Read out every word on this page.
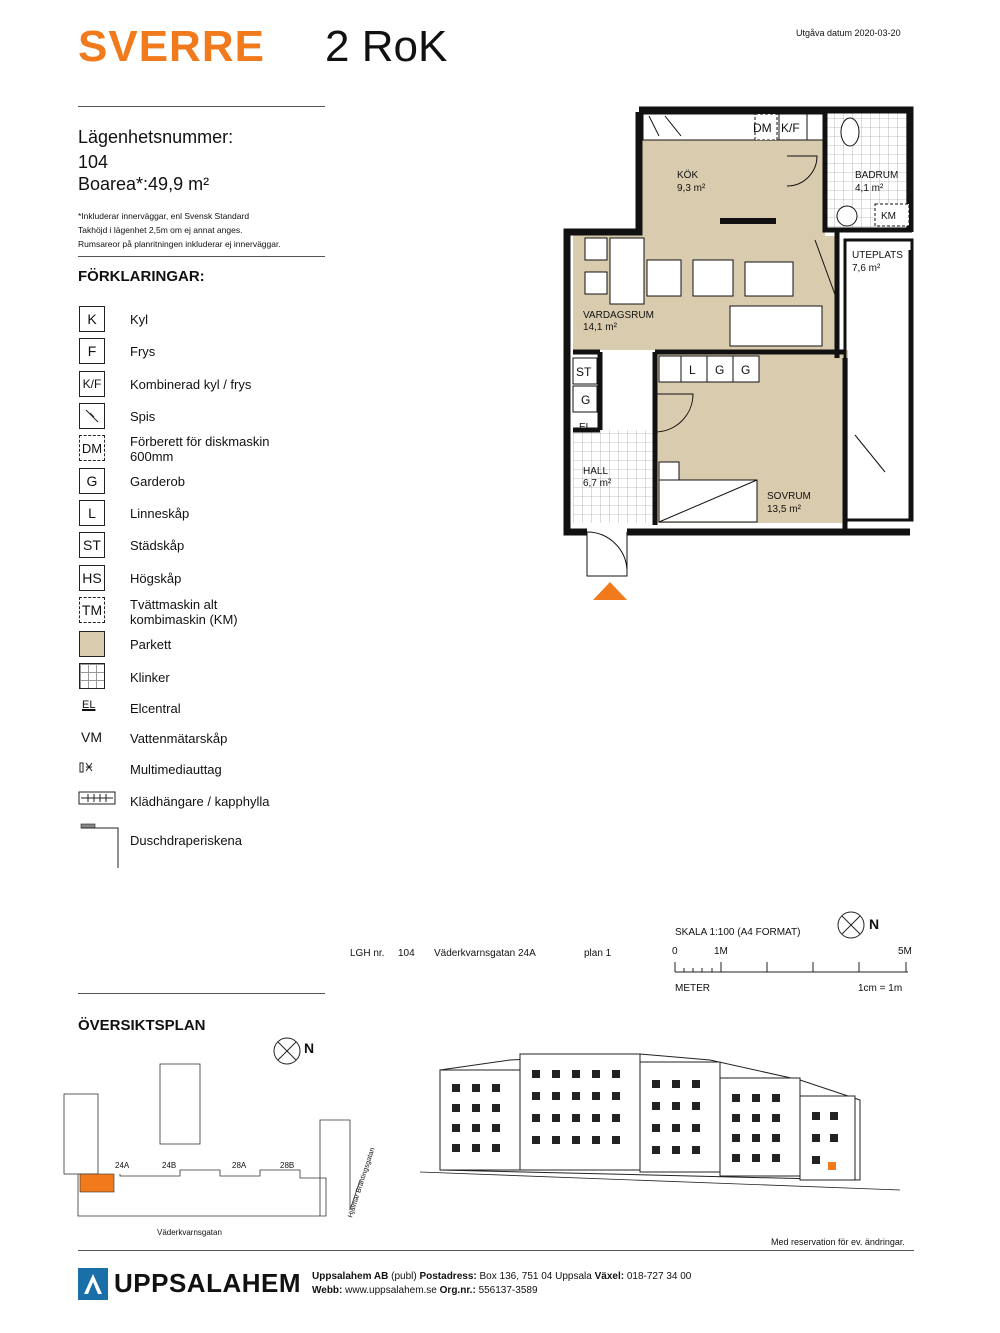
SVERRE 2 RoK	Utgåva datum 2020-03-20
Lägenhetsnummer:
104
Boarea*:49,9 m²
*Inkluderar innerväggar, enl Svensk Standard
Takhöjd i lägenhet 2,5m om ej annat anges.
Rumsareor på planritningen inkluderar ej innerväggar.
FÖRKLARINGAR:
K	Kyl
F	Frys
K/F Kombinerad kyl / frys
Spis
DM Förberett för diskmaskin 600mm
G	Garderob
L	Linneskåp
ST	Städskåp
HS Högskåp
TM Tvättmaskin alt kombimaskin (KM)
Parkett
Klinker
EL	Elcentral
VM Vattenmätarskåp
Multimediauttag
Klädhängare / kapphylla
Duschdraperiskena
KÖK
9,3 m²
BADRUM
4,1 m²
UTEPLATS
7,6 m²
VARDAGSRUM
14,1 m²
HALL
6,7 m²
SOVRUM
13,5 m²
DM K/F
KM
ST
G
L G G
EL
LGH nr. 104 Väderkvarnsgatan 24A	plan 1
SKALA 1:100 (A4 FORMAT)
N
0	1M	5M
METER	1cm = 1m
ÖVERSIKTSPLAN
N
24A	24B	28A	28B
Väderkvarnsgatan
Hjalmar Brantingsgatan
Med reservation för ev. ändringar.
UPPSALAHEM Uppsalahem AB (publ) Postadress: Box 136, 751 04 Uppsala Växel: 018-727 34 00
Webb: www.uppsalahem.se Org.nr.: 556137-3589
